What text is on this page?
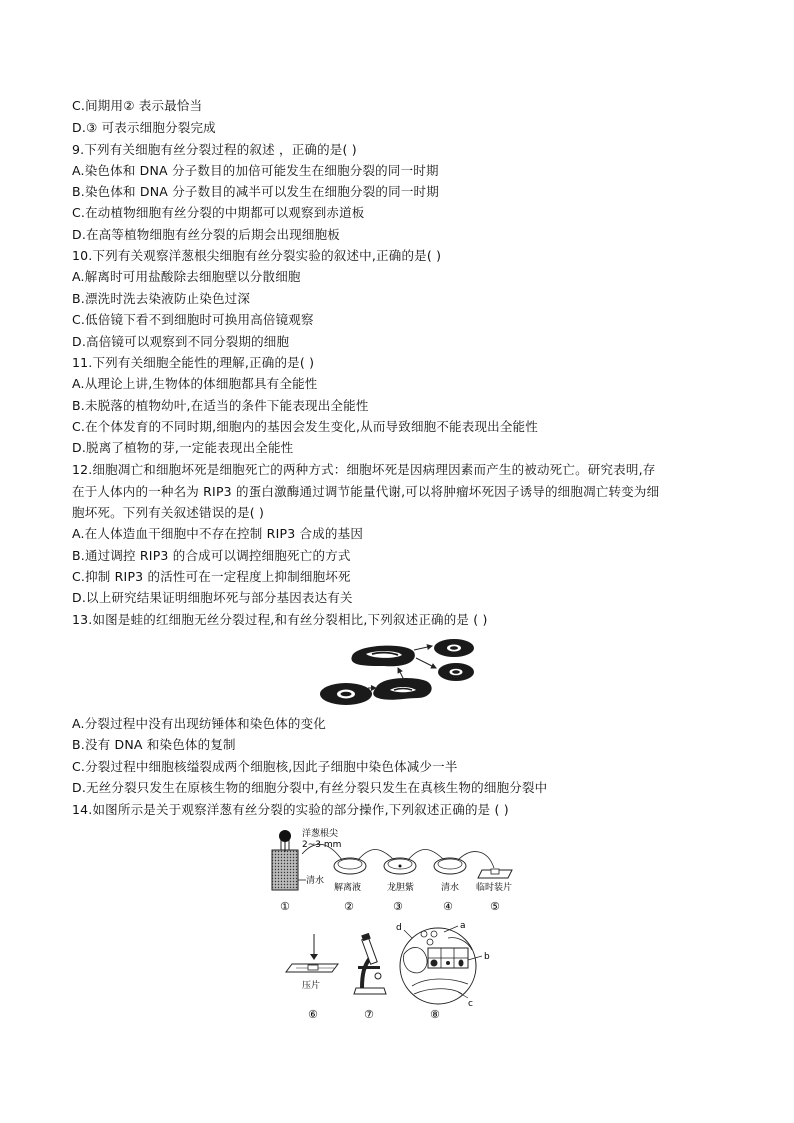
C.间期用② 表示最恰当
D.③ 可表示细胞分裂完成
9.下列有关细胞有丝分裂过程的叙述 ，正确的是( )
A.染色体和 DNA 分子数目的加倍可能发生在细胞分裂的同一时期
B.染色体和 DNA 分子数目的减半可以发生在细胞分裂的同一时期
C.在动植物细胞有丝分裂的中期都可以观察到赤道板
D.在高等植物细胞有丝分裂的后期会出现细胞板
10.下列有关观察洋葱根尖细胞有丝分裂实验的叙述中,正确的是( )
A.解离时可用盐酸除去细胞壁以分散细胞
B.漂洗时洗去染液防止染色过深
C.低倍镜下看不到细胞时可换用高倍镜观察
D.高倍镜可以观察到不同分裂期的细胞
11.下列有关细胞全能性的理解,正确的是( )
A.从理论上讲,生物体的体细胞都具有全能性
B.未脱落的植物幼叶,在适当的条件下能表现出全能性
C.在个体发育的不同时期,细胞内的基因会发生变化,从而导致细胞不能表现出全能性
D.脱离了植物的芽,一定能表现出全能性
12.细胞凋亡和细胞坏死是细胞死亡的两种方式：细胞坏死是因病理因素而产生的被动死亡。研究表明,存
在于人体内的一种名为 RIP3 的蛋白激酶通过调节能量代谢,可以将肿瘤坏死因子诱导的细胞凋亡转变为细
胞坏死。下列有关叙述错误的是( )
A.在人体造血干细胞中不存在控制 RIP3 合成的基因
B.通过调控 RIP3 的合成可以调控细胞死亡的方式
C.抑制 RIP3 的活性可在一定程度上抑制细胞坏死
D.以上研究结果证明细胞坏死与部分基因表达有关
13.如图是蛙的红细胞无丝分裂过程,和有丝分裂相比,下列叙述正确的是 ( )
A.分裂过程中没有出现纺锤体和染色体的变化
B.没有 DNA 和染色体的复制
C.分裂过程中细胞核缢裂成两个细胞核,因此子细胞中染色体减少一半
D.无丝分裂只发生在原核生物的细胞分裂中,有丝分裂只发生在真核生物的细胞分裂中
14.如图所示是关于观察洋葱有丝分裂的实验的部分操作,下列叙述正确的是 ( )
洋葱根尖
2~3 mm
清水
解离液	龙胆紫	清水 临时装片
①	②	③	④	⑤
压片
a
b
c
d
⑥	⑦	⑧
